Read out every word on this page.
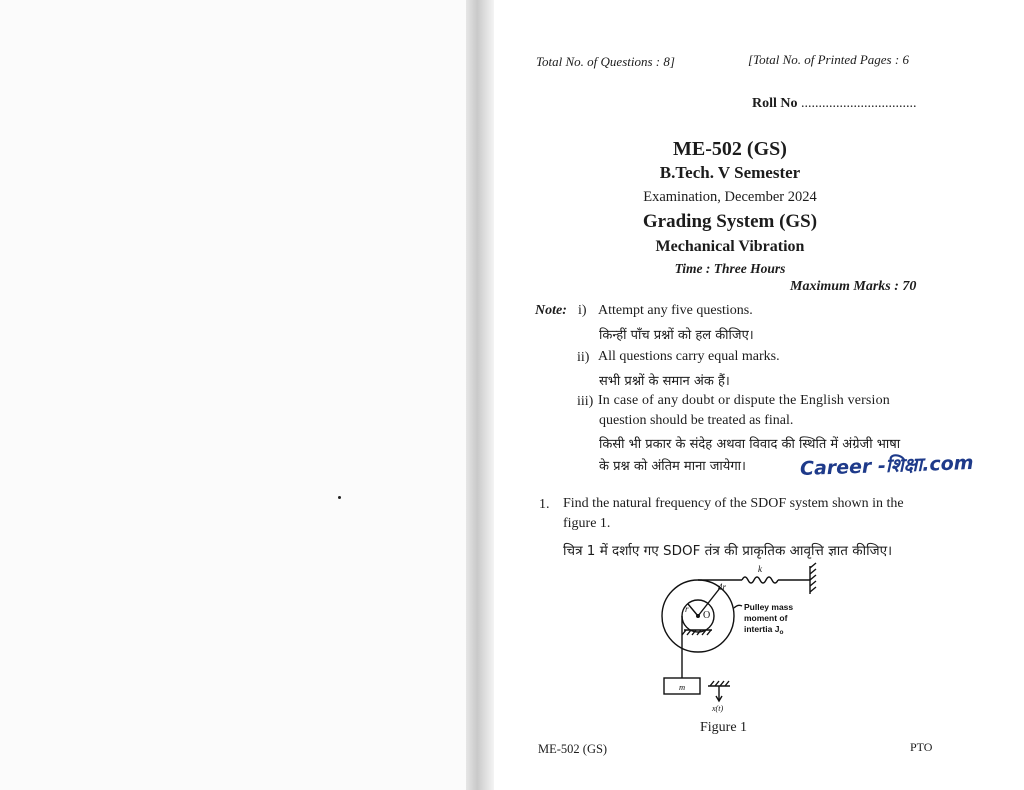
Total No. of Questions : 8]	[Total No. of Printed Pages : 6
Roll No .................................
ME-502 (GS)
B.Tech. V Semester
Examination, December 2024
Grading System (GS)
Mechanical Vibration
Time : Three Hours
Maximum Marks : 70
Note: i) Attempt any five questions.
किन्हीं पाँच प्रश्नों को हल कीजिए।
ii) All questions carry equal marks.
सभी प्रश्नों के समान अंक हैं।
iii) In case of any doubt or dispute the English version
question should be treated as final.
किसी भी प्रकार के संदेह अथवा विवाद की स्थिति में अंग्रेजी भाषा
के प्रश्न को अंतिम माना जायेगा।	Career -शिक्षा.com
1. Find the natural frequency of the SDOF system shown in the
figure 1.
चित्र 1 में दर्शाए गए SDOF तंत्र की प्राकृतिक आवृत्ति ज्ञात कीजिए।
k
4r
r
O
Pulley mass
moment of
intertia $J_o$
m
x(t)
Figure 1
ME-502 (GS)	PTO
